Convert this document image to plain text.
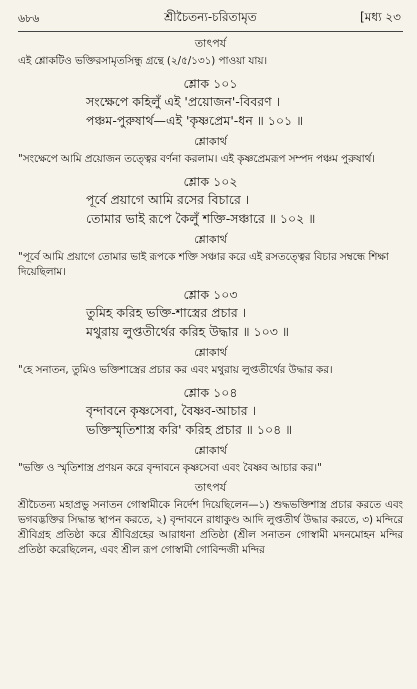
৬৮৬	শ্রীচৈতন্য-চরিতামৃত	[মধ্য ২৩
তাৎপর্য
এই শ্লোকটিও ভক্তিরসামৃতসিন্ধু গ্রন্থে (২/৫/১৩১) পাওয়া যায়।
শ্লোক ১০১
সংক্ষেপে কহিলুঁ এই 'প্রয়োজন'-বিবরণ ।
পঞ্চম-পুরুষার্থ—এই 'কৃষ্ণপ্রেম'-ধন ॥ ১০১ ॥
শ্লোকার্থ
"সংক্ষেপে আমি প্রয়োজন তত্ত্বের বর্ণনা করলাম। এই কৃষ্ণপ্রেমরূপ সম্পদ পঞ্চম পুরুষার্থ।
শ্লোক ১০২
পূর্বে প্রয়াগে আমি রসের বিচারে ।
তোমার ভাই রূপে কৈলুঁ শক্তি-সঞ্চারে ॥ ১০২ ॥
শ্লোকার্থ
"পূর্বে আমি প্রয়াগে তোমার ভাই রূপকে শক্তি সঞ্চার করে এই রসতত্ত্বের বিচার সম্বন্ধে শিক্ষা দিয়েছিলাম।
শ্লোক ১০৩
তুমিহ করিহ ভক্তি-শাস্ত্রের প্রচার ।
মথুরায় লুপ্ততীর্থের করিহ উদ্ধার ॥ ১০৩ ॥
শ্লোকার্থ
"হে সনাতন, তুমিও ভক্তিশাস্ত্রের প্রচার কর এবং মথুরায় লুপ্ততীর্থের উদ্ধার কর।
শ্লোক ১০৪
বৃন্দাবনে কৃষ্ণসেবা, বৈষ্ণব-আচার ।
ভক্তিস্মৃতিশাস্ত্র করি' করিহ প্রচার ॥ ১০৪ ॥
শ্লোকার্থ
"ভক্তি ও স্মৃতিশাস্ত্র প্রণয়ন করে বৃন্দাবনে কৃষ্ণসেবা এবং বৈষ্ণব আচার কর।"
তাৎপর্য
শ্রীচৈতন্য মহাপ্রভু সনাতন গোস্বামীকে নির্দেশ দিয়েছিলেন—১) শুদ্ধভক্তিশাস্ত্র প্রচার করতে এবং ভগবদ্ভক্তির সিদ্ধান্ত স্থাপন করতে, ২) বৃন্দাবনে রাধাকুণ্ড আদি লুপ্ততীর্থ উদ্ধার করতে, ৩) মন্দিরে শ্রীবিগ্রহ প্রতিষ্ঠা করে শ্রীবিগ্রহের আরাধনা প্রতিষ্ঠা (শ্রীল সনাতন গোস্বামী মদনমোহন মন্দির প্রতিষ্ঠা করেছিলেন, এবং শ্রীল রূপ গোস্বামী গোবিন্দজী মন্দির
